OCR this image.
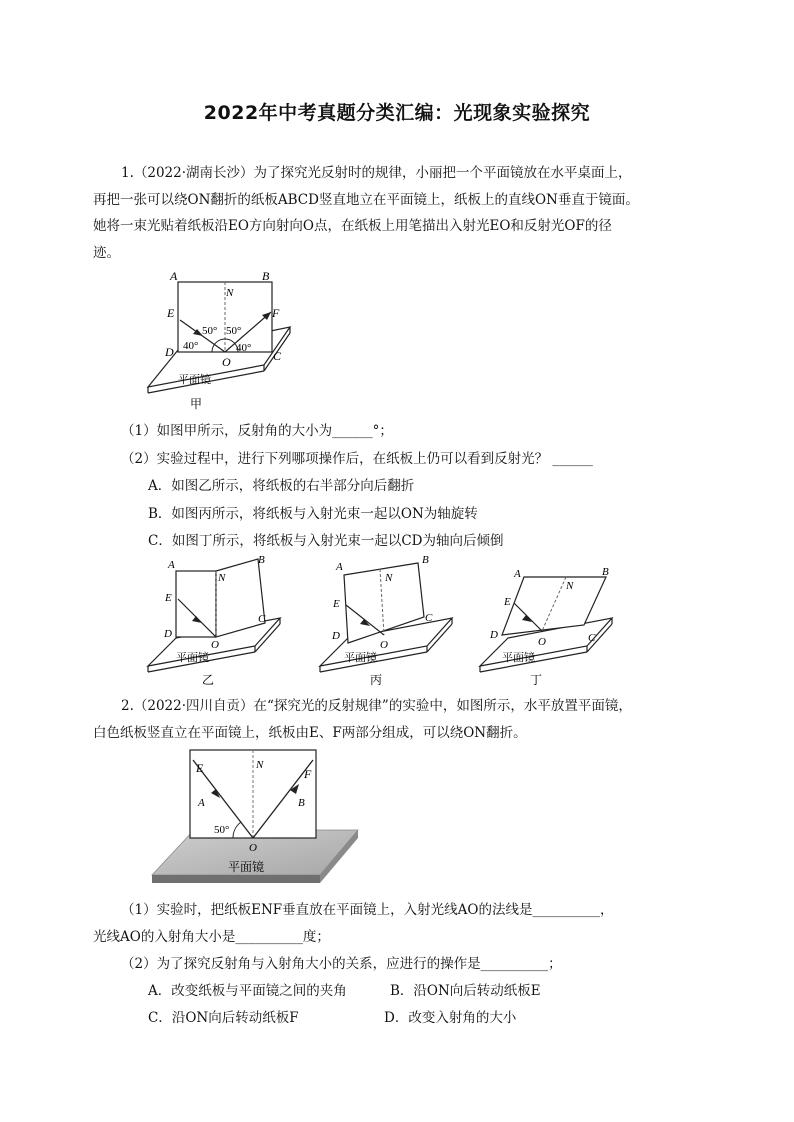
2022年中考真题分类汇编：光现象实验探究
1.（2022·湖南长沙）为了探究光反射时的规律，小丽把一个平面镜放在水平桌面上，
再把一张可以绕ON翻折的纸板ABCD竖直地立在平面镜上，纸板上的直线ON垂直于镜面。
她将一束光贴着纸板沿EO方向射向O点，在纸板上用笔描出入射光EO和反射光OF的径
迹。
A	B
N
E	F
D	C
O
50° 50°
40°	40°
平面镜
甲
（1）如图甲所示，反射角的大小为______°；
（2）实验过程中，进行下列哪项操作后，在纸板上仍可以看到反射光？ ______
A．如图乙所示，将纸板的右半部分向后翻折
B．如图丙所示，将纸板与入射光束一起以ON为轴旋转
C．如图丁所示，将纸板与入射光束一起以CD为轴向后倾倒
A	B
N
E
D
C
O
平面镜
乙
A
B
N
E
D
C
O
平面镜
丙
A	B
N
E
D	C
O
平面镜
丁
2.（2022·四川自贡）在“探究光的反射规律”的实验中，如图所示，水平放置平面镜，
白色纸板竖直立在平面镜上，纸板由E、F两部分组成，可以绕ON翻折。
E	N
F
A	B
50°
O
平面镜
（1）实验时，把纸板ENF垂直放在平面镜上，入射光线AO的法线是__________，
光线AO的入射角大小是__________度；
（2）为了探究反射角与入射角大小的关系，应进行的操作是__________；
A．改变纸板与平面镜之间的夹角	B．沿ON向后转动纸板E
C．沿ON向后转动纸板F	D．改变入射角的大小
